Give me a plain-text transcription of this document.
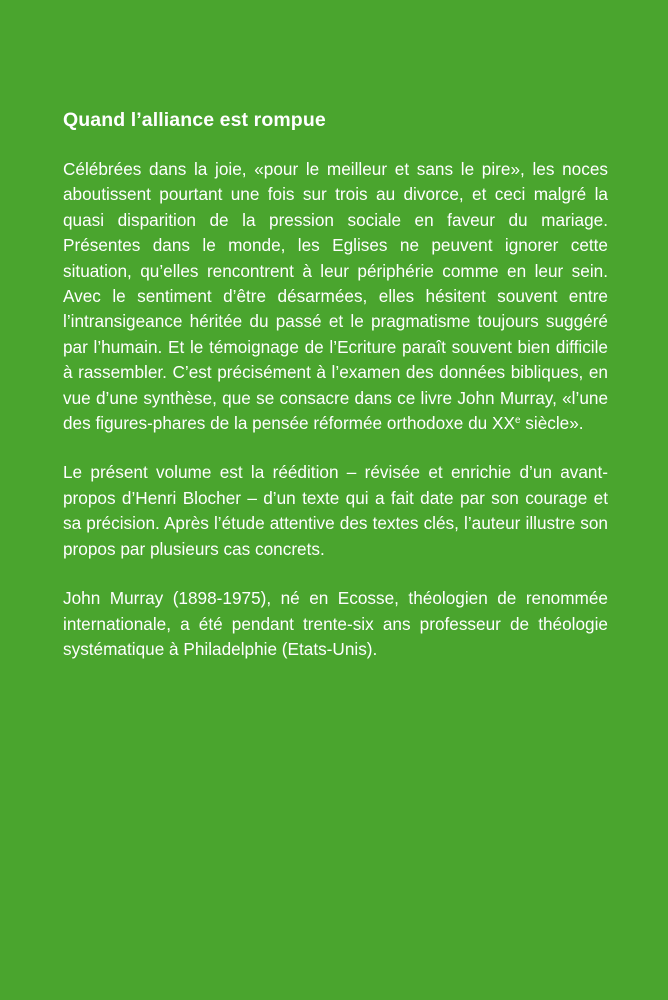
Quand l’alliance est rompue

Célébrées dans la joie, «pour le meilleur et sans le pire», les noces aboutissent pourtant une fois sur trois au divorce, et ceci malgré la quasi disparition de la pression sociale en faveur du mariage. Présentes dans le monde, les Eglises ne peuvent ignorer cette situation, qu’elles rencontrent à leur périphérie comme en leur sein. Avec le sentiment d’être désarmées, elles hésitent souvent entre l’intransigeance héritée du passé et le pragmatisme toujours suggéré par l’humain. Et le témoignage de l’Ecriture paraît souvent bien difficile à rassembler. C’est précisément à l’examen des données bibliques, en vue d’une synthèse, que se consacre dans ce livre John Murray, «l’une des figures-phares de la pensée réformée orthodoxe du XXe siècle».

Le présent volume est la réédition – révisée et enrichie d’un avant-propos d’Henri Blocher – d’un texte qui a fait date par son courage et sa précision. Après l’étude attentive des textes clés, l’auteur illustre son propos par plusieurs cas concrets.

John Murray (1898-1975), né en Ecosse, théologien de renommée internationale, a été pendant trente-six ans professeur de théologie systématique à Philadelphie (Etats-Unis).
